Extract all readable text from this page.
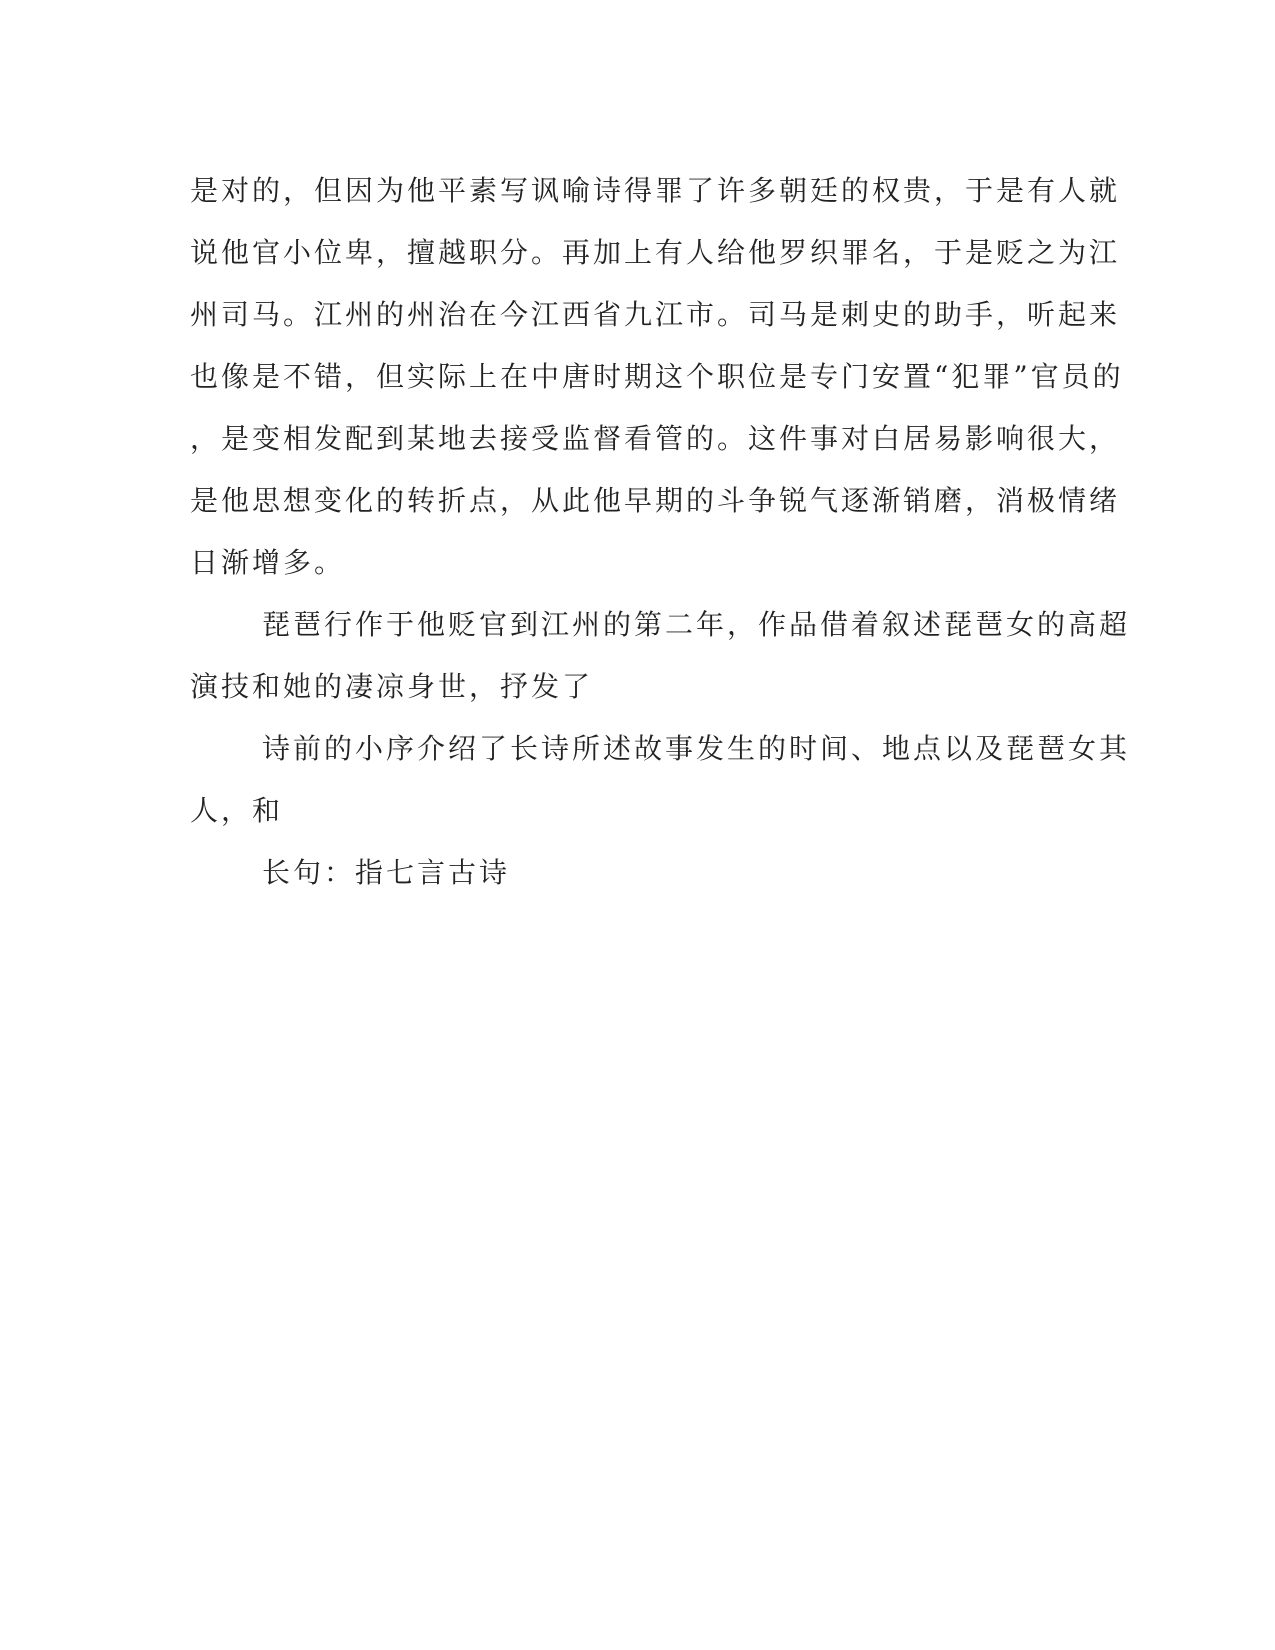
是对的，但因为他平素写讽喻诗得罪了许多朝廷的权贵，于是有人就
说他官小位卑，擅越职分。再加上有人给他罗织罪名，于是贬之为江
州司马。江州的州治在今江西省九江市。司马是刺史的助手，听起来
也像是不错，但实际上在中唐时期这个职位是专门安置“犯罪”官员的
，是变相发配到某地去接受监督看管的。这件事对白居易影响很大，
是他思想变化的转折点，从此他早期的斗争锐气逐渐销磨，消极情绪
日渐增多。
琵琶行作于他贬官到江州的第二年，作品借着叙述琵琶女的高超
演技和她的凄凉身世，抒发了
诗前的小序介绍了长诗所述故事发生的时间、地点以及琵琶女其
人，和
长句：指七言古诗
